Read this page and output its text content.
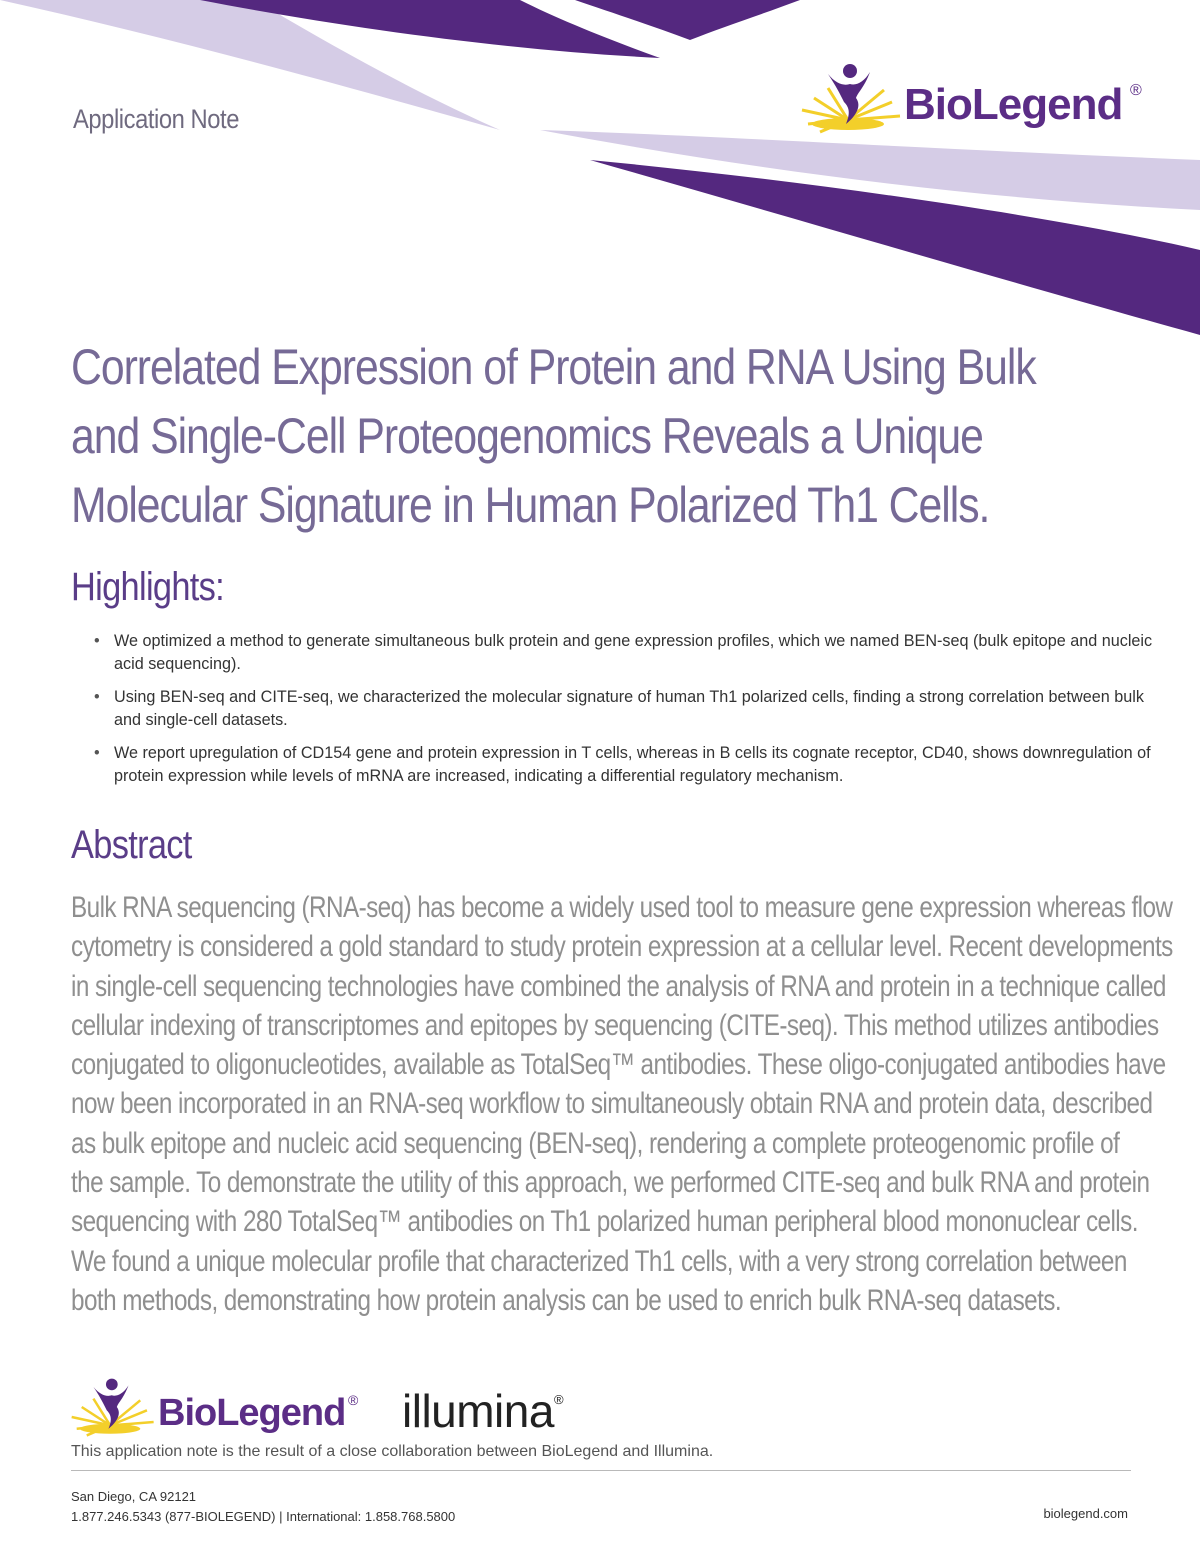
Application Note	BioLegend ®
Correlated Expression of Protein and RNA Using Bulk
and Single-Cell Proteogenomics Reveals a Unique
Molecular Signature in Human Polarized Th1 Cells.
Highlights:
• We optimized a method to generate simultaneous bulk protein and gene expression profiles, which we named BEN-seq (bulk epitope and nucleic acid sequencing).
• Using BEN-seq and CITE-seq, we characterized the molecular signature of human Th1 polarized cells, finding a strong correlation between bulk and single-cell datasets.
• We report upregulation of CD154 gene and protein expression in T cells, whereas in B cells its cognate receptor, CD40, shows downregulation of protein expression while levels of mRNA are increased, indicating a differential regulatory mechanism.
Abstract

Bulk RNA sequencing (RNA-seq) has become a widely used tool to measure gene expression whereas flow
cytometry is considered a gold standard to study protein expression at a cellular level. Recent developments
in single-cell sequencing technologies have combined the analysis of RNA and protein in a technique called
cellular indexing of transcriptomes and epitopes by sequencing (CITE-seq). This method utilizes antibodies
conjugated to oligonucleotides, available as TotalSeq™ antibodies. These oligo-conjugated antibodies have
now been incorporated in an RNA-seq workflow to simultaneously obtain RNA and protein data, described
as bulk epitope and nucleic acid sequencing (BEN-seq), rendering a complete proteogenomic profile of
the sample. To demonstrate the utility of this approach, we performed CITE-seq and bulk RNA and protein
sequencing with 280 TotalSeq™ antibodies on Th1 polarized human peripheral blood mononuclear cells.
We found a unique molecular profile that characterized Th1 cells, with a very strong correlation between
both methods, demonstrating how protein analysis can be used to enrich bulk RNA-seq datasets.

BioLegend ® illumina®
This application note is the result of a close collaboration between BioLegend and Illumina.
San Diego, CA 92121
1.877.246.5343 (877-BIOLEGEND) | International: 1.858.768.5800	biolegend.com
